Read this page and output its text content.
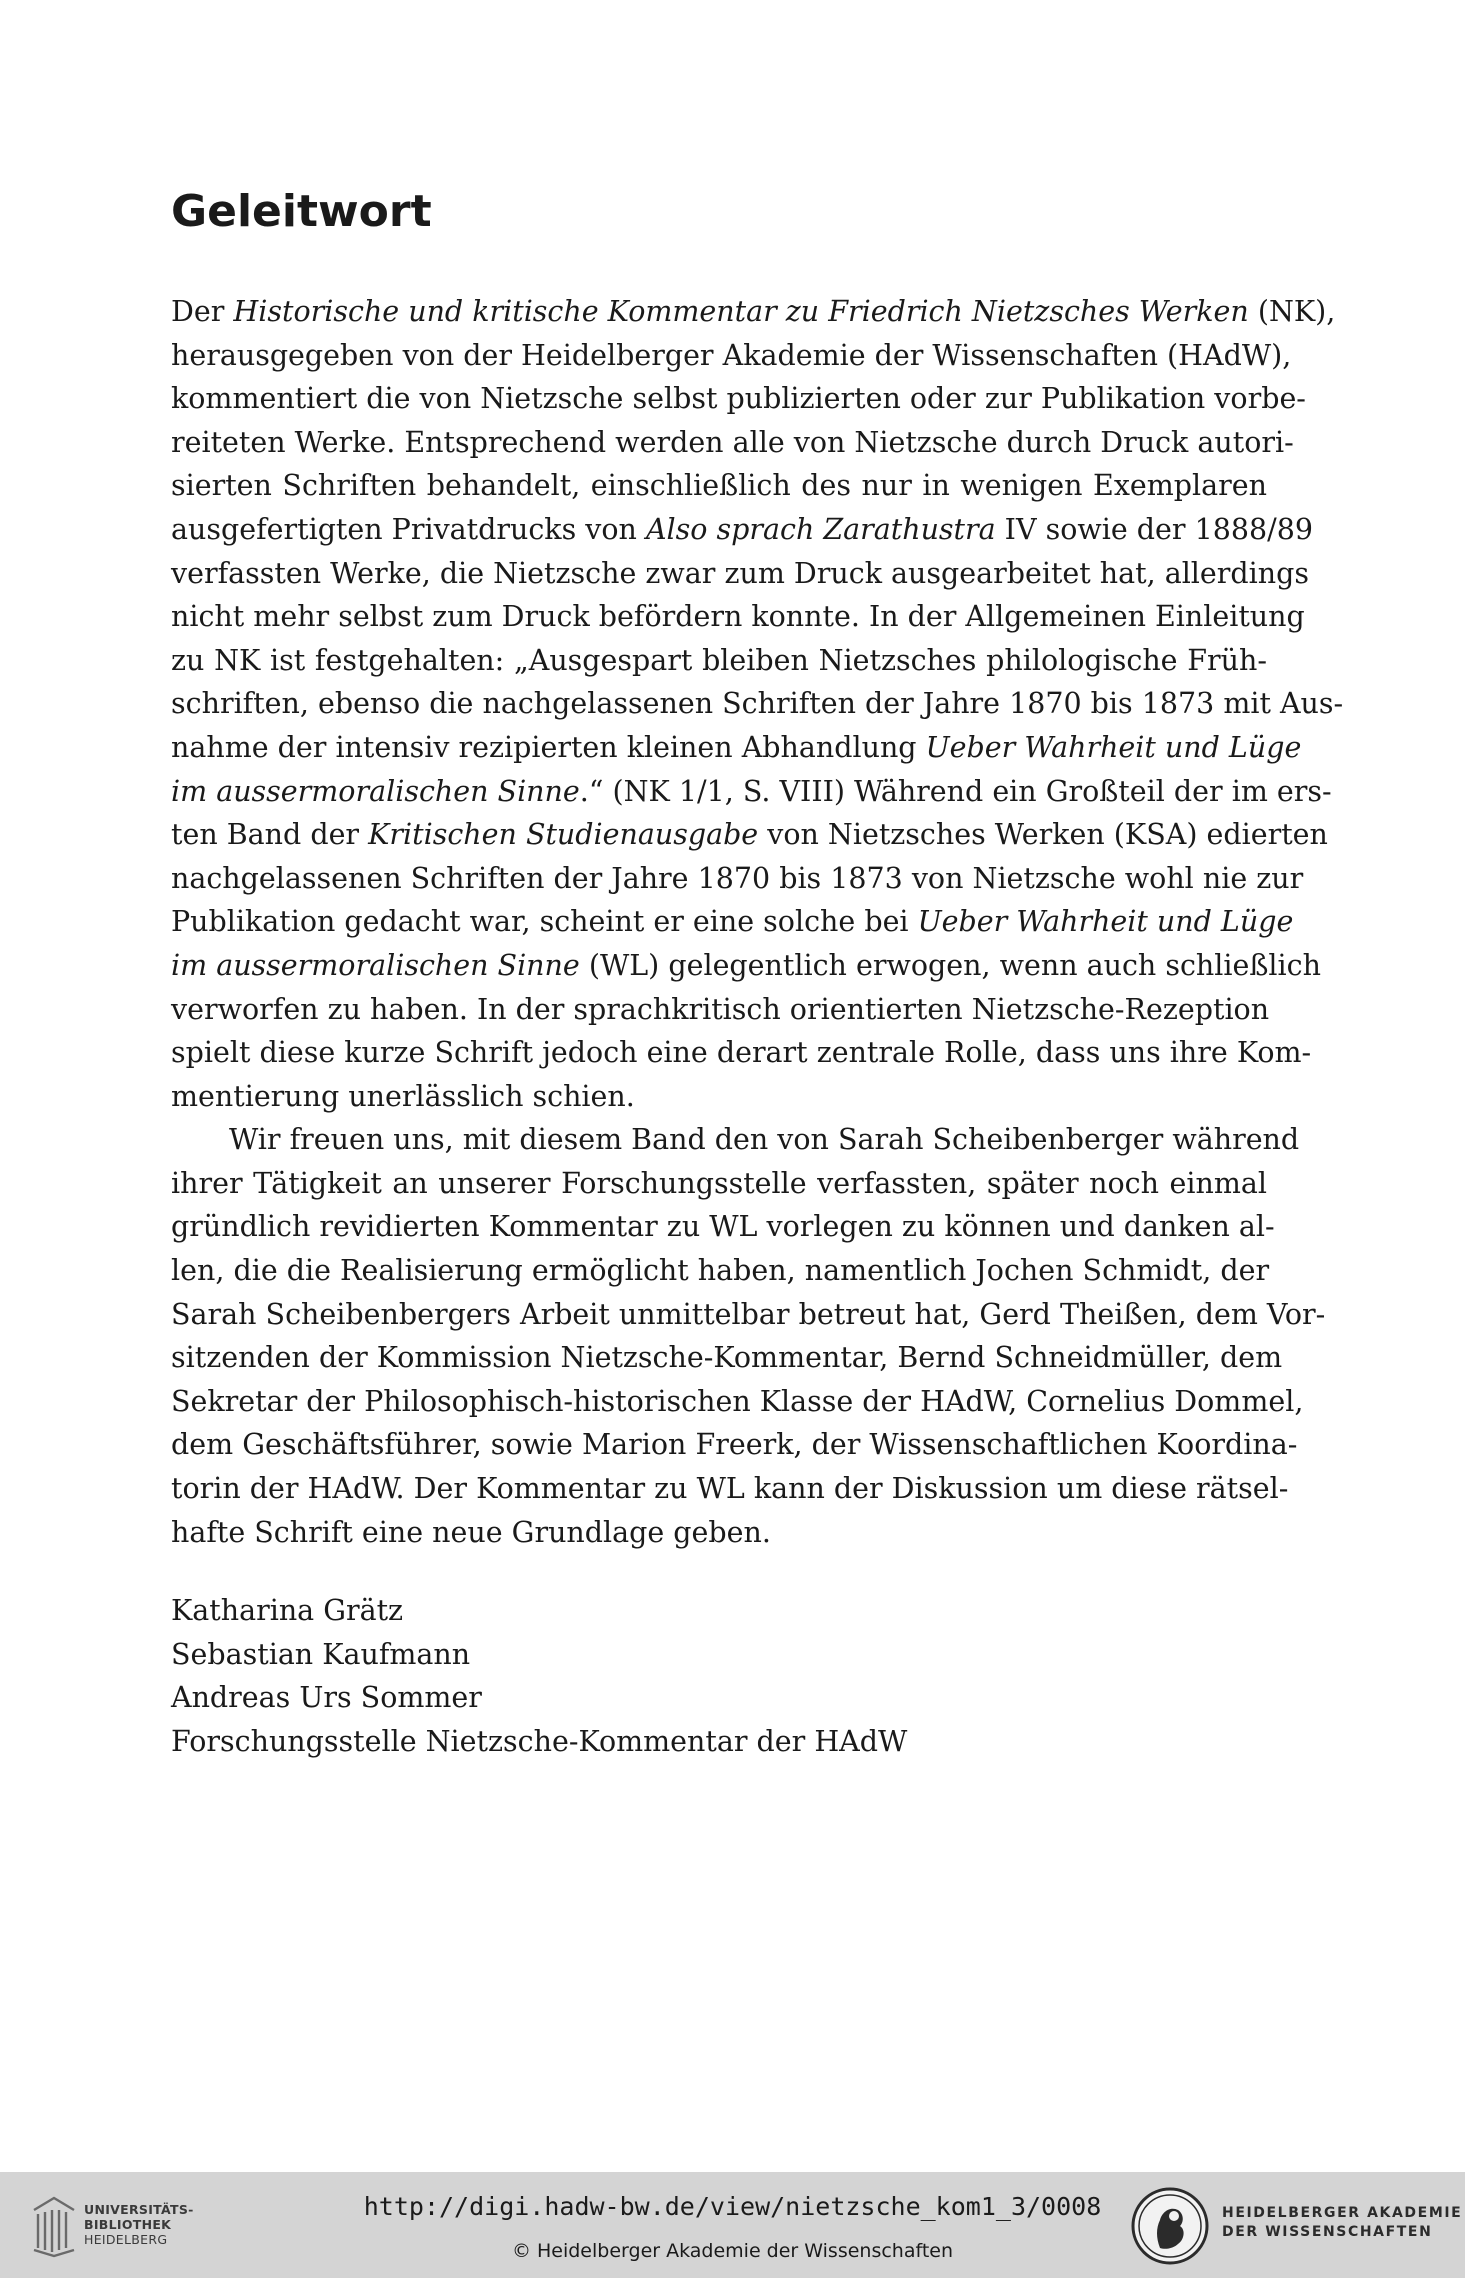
Geleitwort
Der Historische und kritische Kommentar zu Friedrich Nietzsches Werken (NK),
herausgegeben von der Heidelberger Akademie der Wissenschaften (HAdW),
kommentiert die von Nietzsche selbst publizierten oder zur Publikation vorbe-
reiteten Werke. Entsprechend werden alle von Nietzsche durch Druck autori-
sierten Schriften behandelt, einschließlich des nur in wenigen Exemplaren
ausgefertigten Privatdrucks von Also sprach Zarathustra IV sowie der 1888/89
verfassten Werke, die Nietzsche zwar zum Druck ausgearbeitet hat, allerdings
nicht mehr selbst zum Druck befördern konnte. In der Allgemeinen Einleitung
zu NK ist festgehalten: „Ausgespart bleiben Nietzsches philologische Früh-
schriften, ebenso die nachgelassenen Schriften der Jahre 1870 bis 1873 mit Aus-
nahme der intensiv rezipierten kleinen Abhandlung Ueber Wahrheit und Lüge
im aussermoralischen Sinne.“ (NK 1/1, S. VIII) Während ein Großteil der im ers-
ten Band der Kritischen Studienausgabe von Nietzsches Werken (KSA) edierten
nachgelassenen Schriften der Jahre 1870 bis 1873 von Nietzsche wohl nie zur
Publikation gedacht war, scheint er eine solche bei Ueber Wahrheit und Lüge
im aussermoralischen Sinne (WL) gelegentlich erwogen, wenn auch schließlich
verworfen zu haben. In der sprachkritisch orientierten Nietzsche-Rezeption
spielt diese kurze Schrift jedoch eine derart zentrale Rolle, dass uns ihre Kom-
mentierung unerlässlich schien.
Wir freuen uns, mit diesem Band den von Sarah Scheibenberger während
ihrer Tätigkeit an unserer Forschungsstelle verfassten, später noch einmal
gründlich revidierten Kommentar zu WL vorlegen zu können und danken al-
len, die die Realisierung ermöglicht haben, namentlich Jochen Schmidt, der
Sarah Scheibenbergers Arbeit unmittelbar betreut hat, Gerd Theißen, dem Vor-
sitzenden der Kommission Nietzsche-Kommentar, Bernd Schneidmüller, dem
Sekretar der Philosophisch-historischen Klasse der HAdW, Cornelius Dommel,
dem Geschäftsführer, sowie Marion Freerk, der Wissenschaftlichen Koordina-
torin der HAdW. Der Kommentar zu WL kann der Diskussion um diese rätsel-
hafte Schrift eine neue Grundlage geben.
Katharina Grätz
Sebastian Kaufmann
Andreas Urs Sommer
Forschungsstelle Nietzsche-Kommentar der HAdW
UNIVERSITÄTS-
BIBLIOTHEK
HEIDELBERG
http://digi.hadw-bw.de/view/nietzsche_kom1_3/0008
© Heidelberger Akademie der Wissenschaften
HEIDELBERGER AKADEMIE
DER WISSENSCHAFTEN
